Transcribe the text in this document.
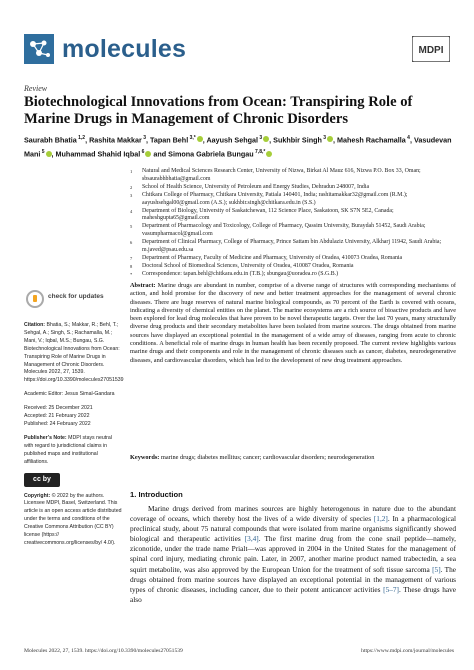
molecules	MDPI
Review
Biotechnological Innovations from Ocean: Transpiring Role of Marine Drugs in Management of Chronic Disorders
Saurabh Bhatia $^{1,2}$, Rashita Makkar $^3$, Tapan Behl $^{3,*}$ , Aayush Sehgal $^3$ , Sukhbir Singh $^3$ , Mahesh Rachamalla $^4$, Vasudevan Mani $^5$ , Muhammad Shahid Iqbal $^6$ and Simona Gabriela Bungau $^{7,8,*}$
1 Natural and Medical Sciences Research Center, University of Nizwa, Birkat Al Mauz 616, Nizwa P.O. Box 33, Oman; sbsaurabhbhatia@gmail.com
2 School of Health Science, University of Petroleum and Energy Studies, Dehradun 248007, India
3 Chitkara College of Pharmacy, Chitkara University, Patiala 140401, India; rashitamakkar32@gmail.com (R.M.); aayushsehgal00@gmail.com (A.S.); sukhbir.singh@chitkara.edu.in (S.S.)
4 Department of Biology, University of Saskatchewan, 112 Science Place, Saskatoon, SK S7N 5E2, Canada; maheshgupta65@gmail.com
5 Department of Pharmacology and Toxicology, College of Pharmacy, Qassim University, Buraydah 51452, Saudi Arabia; vasumpharmacol@gmail.com
6 Department of Clinical Pharmacy, College of Pharmacy, Prince Sattam bin Abdulaziz University, Alkharj 11942, Saudi Arabia; m.javed@psau.edu.sa
7 Department of Pharmacy, Faculty of Medicine and Pharmacy, University of Oradea, 410073 Oradea, Romania
8 Doctoral School of Biomedical Sciences, University of Oradea, 410087 Oradea, Romania
* Correspondence: tapan.behl@chitkara.edu.in (T.B.); sbungau@uoradea.ro (S.G.B.)
check for updates
Citation: Bhatia, S.; Makkar, R.; Behl, T.; Sehgal, A.; Singh, S.; Rachamalla, M.; Mani, V.; Iqbal, M.S.; Bungau, S.G. Biotechnological Innovations from Ocean: Transpiring Role of Marine Drugs in Management of Chronic Disorders. Molecules 2022, 27, 1539. https://doi.org/10.3390/molecules27051539
Academic Editor: Jesus Simal-Gandara
Received: 25 December 2021
Accepted: 21 February 2022
Published: 24 February 2022
Publisher’s Note: MDPI stays neutral with regard to jurisdictional claims in published maps and institutional affiliations.
cc by
Copyright: © 2022 by the authors. Licensee MDPI, Basel, Switzerland. This article is an open access article distributed under the terms and conditions of the Creative Commons Attribution (CC BY) license (https:// creativecommons.org/licenses/by/ 4.0/).
Abstract: Marine drugs are abundant in number, comprise of a diverse range of structures with corresponding mechanisms of action, and hold promise for the discovery of new and better treatment approaches for the management of several chronic diseases. There are huge reserves of natural marine biological compounds, as 70 percent of the Earth is covered with oceans, indicating a diversity of chemical entities on the planet. The marine ecosystems are a rich source of bioactive products and have been explored for lead drug molecules that have proven to be novel therapeutic targets. Over the last 70 years, many structurally diverse drug products and their secondary metabolites have been isolated from marine sources. The drugs obtained from marine sources have displayed an exceptional potential in the management of a wide array of diseases, ranging from acute to chronic conditions. A beneficial role of marine drugs in human health has been recently proposed. The current review highlights various marine drugs and their components and role in the management of chronic diseases such as cancer, diabetes, neurodegenerative diseases, and cardiovascular disorders, which has led to the development of new drug treatment approaches.
Keywords: marine drugs; diabetes mellitus; cancer; cardiovascular disorders; neurodegeneration
1. Introduction
Marine drugs derived from marines sources are highly heterogenous in nature due to the abundant coverage of oceans, which thereby host the lives of a wide diversity of species [1,2]. In a pharmacological preclinical study, about 75 natural compounds that were isolated from marine organisms significantly showed biological and therapeutic activities [3,4]. The first marine drug from the cone snail peptide—namely, ziconotide, under the trade name Prialt—was approved in 2004 in the United States for the management of spinal cord injury, mediating chronic pain. Later, in 2007, another marine product named trabectedin, a sea squirt metabolite, was also approved by the European Union for the treatment of soft tissue sarcoma [5]. The drugs obtained from marine sources have displayed an exceptional potential in the management of various types of chronic diseases, including cancer, due to their potent anticancer activities [5–7]. These drugs have also
Molecules 2022, 27, 1539. https://doi.org/10.3390/molecules27051539	https://www.mdpi.com/journal/molecules
